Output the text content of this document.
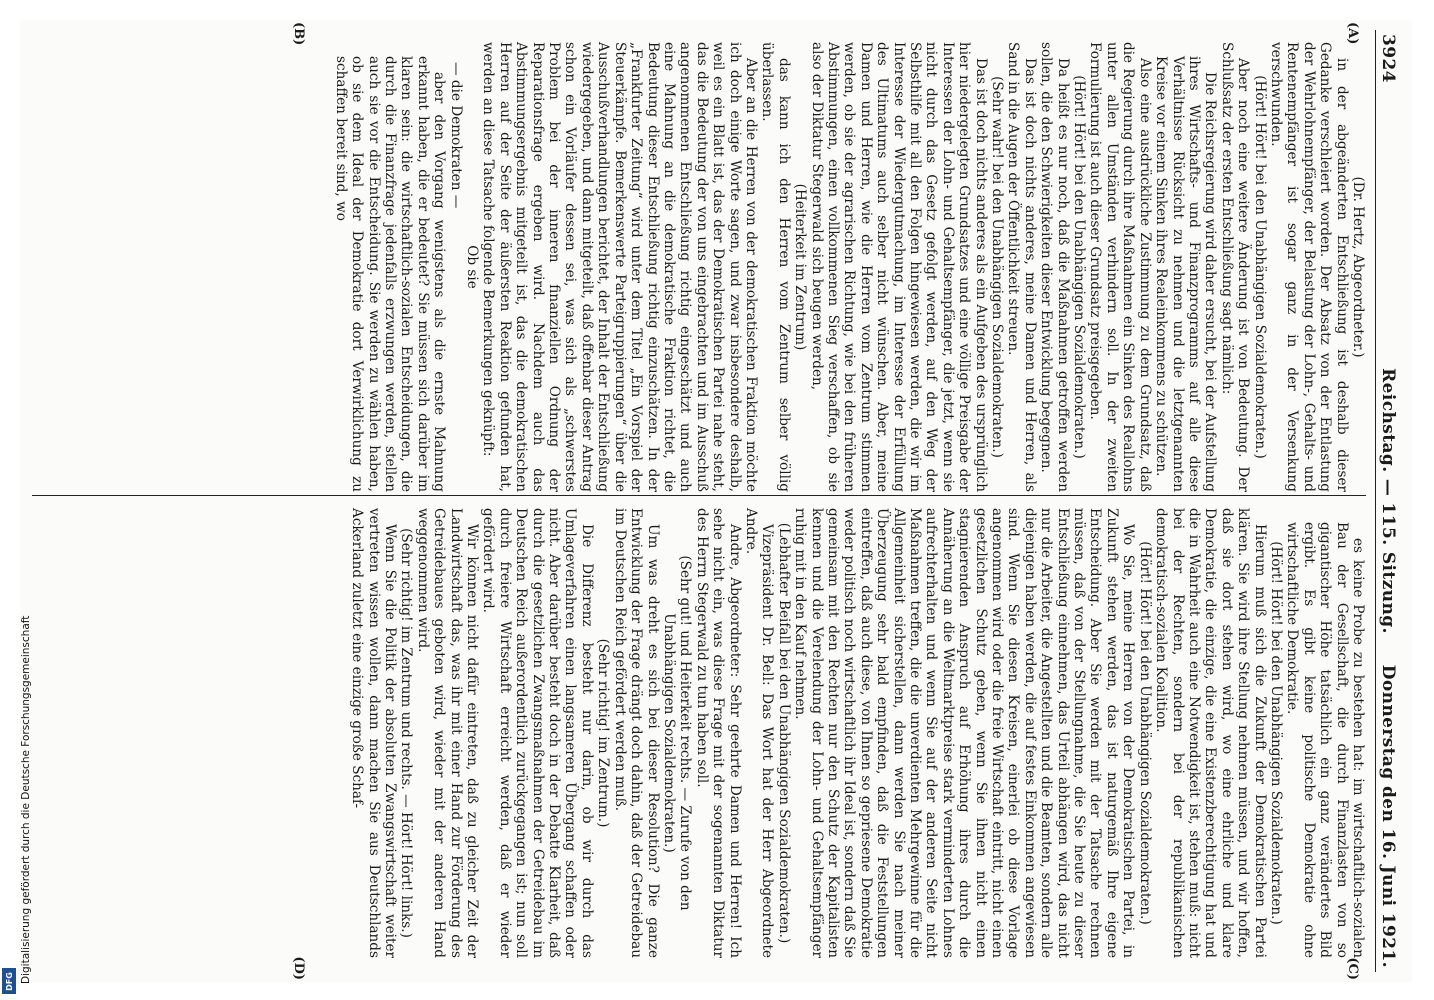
3924
Reichstag. — 115. Sitzung.
Donnerstag den 16. Juni 1921.
(A)
(B)
(C)
(D)

(Dr. Hertz, Abgeordneter.)

in der abgeänderten Entschließung ist deshalb dieser Gedanke verschleiert worden. Der Absatz von der Entlastung der Wehrlohnempfänger, der Belastung der Lohn-, Gehalts- und Rentenempfänger ist sogar ganz in der Versenkung verschwunden.

(Hört! Hört! bei den Unabhängigen Sozialdemokraten.)

Aber noch eine weitere Änderung ist von Bedeutung. Der Schlußsatz der ersten Entschließung sagt nämlich:

Die Reichsregierung wird daher ersucht, bei der Aufstellung ihres Wirtschafts- und Finanzprogramms auf alle diese Verhältnisse Rücksicht zu nehmen und die letztgenannten Kreise vor einem Sinken ihres Realeinkommens zu schützen.

Also eine ausdrückliche Zustimmung zu dem Grundsatz, daß die Regierung durch ihre Maßnahmen ein Sinken des Reallohns unter allen Umständen verhindern soll. In der zweiten Formulierung ist auch dieser Grundsatz preisgegeben.

(Hört! Hört! bei den Unabhängigen Sozialdemokraten.)

Da heißt es nur noch, daß die Maßnahmen getroffen werden sollen, die den Schwierigkeiten dieser Entwicklung begegnen.

Das ist doch nichts anderes, meine Damen und Herren, als Sand in die Augen der Öffentlichkeit streuen.

(Sehr wahr! bei den Unabhängigen Sozialdemokraten.)

Das ist doch nichts anderes als ein Aufgeben des ursprünglich hier niedergelegten Grundsatzes und eine völlige Preisgabe der Interessen der Lohn- und Gehaltsempfänger, die jetzt, wenn sie nicht durch das Gesetz gefolgt werden, auf den Weg der Selbsthilfe mit all den Folgen hingewiesen werden, die wir im Interesse der Wiedergutmachung, im Interesse der Erfüllung des Ultimatums auch selber nicht wünschen. Aber, meine Damen und Herren, wie die Herren vom Zentrum stimmen werden, ob sie der agrarischen Richtung, wie bei den früheren Abstimmungen, einen vollkommenen Sieg verschaffen, ob sie also der Diktatur Stegerwald sich beugen werden,

(Heiterkeit im Zentrum)

das kann ich den Herren vom Zentrum selber völlig überlassen.

Aber an die Herren von der demokratischen Fraktion möchte ich doch einige Worte sagen, und zwar insbesondere deshalb, weil es ein Blatt ist, das der Demokratischen Partei nahe steht, das die Bedeutung der von uns eingebrachten und im Ausschuß angenommenen Entschließung richtig eingeschätzt und auch eine Mahnung an die demokratische Fraktion richtet, die Bedeutung dieser Entschließung richtig einzuschätzen. In der „Frankfurter Zeitung“ wird unter dem Titel „Ein Vorspiel der Steuerkämpfe. Bemerkenswerte Parteigruppierungen“ über die Ausschußverhandlungen berichtet, der Inhalt der Entschließung wiedergegeben, und dann mitgeteilt, daß offenbar dieser Antrag schon ein Vorläufer dessen sei, was sich als „schwerstes Problem bei der inneren finanziellen Ordnung der Reparationsfrage ergeben wird. Nachdem auch das Abstimmungsergebnis mitgeteilt ist, das die demokratischen Herren auf der Seite der äußersten Reaktion gefunden hat, werden an diese Tatsache folgende Bemerkungen geknüpft:

Ob sie

— die Demokraten —

aber den Vorgang wenigstens als die ernste Mahnung erkannt haben, die er bedeutet? Sie müssen sich darüber im klaren sein: die wirtschaftlich-sozialen Entscheidungen, die durch die Finanzfrage jedenfalls erzwungen werden, stellen auch sie vor die Entscheidung. Sie werden zu wählen haben, ob sie dem Ideal der Demokratie dort Verwirklichung zu schaffen bereit sind, wo

es keine Probe zu bestehen hat: im wirtschaftlich-sozialen Bau der Gesellschaft, die durch Finanzlasten von so gigantischer Höhe tatsächlich ein ganz verändertes Bild ergibt. Es gibt keine politische Demokratie ohne wirtschaftliche Demokratie.

(Hört! Hört! bei den Unabhängigen Sozialdemokraten.)

Hierum muß sich die Zukunft der Demokratischen Partei klären. Sie wird ihre Stellung nehmen müssen, und wir hoffen, daß sie dort stehen wird, wo eine ehrliche und klare Demokratie, die einzige, die eine Existenzberechtigung hat und die in Wahrheit auch eine Notwendigkeit ist, stehen muß: nicht bei der Rechten, sondern bei der republikanischen demokratisch-sozialen Koalition.

(Hört! Hört! bei den Unabhängigen Sozialdemokraten.)

Wo Sie, meine Herren von der Demokratischen Partei, in Zukunft stehen werden, das ist naturgemäß Ihre eigene Entscheidung. Aber Sie werden mit der Tatsache rechnen müssen, daß von der Stellungnahme, die Sie heute zu dieser Entschließung einnehmen, das Urteil abhängen wird, das nicht nur die Arbeiter, die Angestellten und die Beamten, sondern alle diejenigen haben werden, die auf festes Einkommen angewiesen sind. Wenn Sie diesen Kreisen, einerlei ob diese Vorlage angenommen wird oder die freie Wirtschaft eintritt, nicht einen gesetzlichen Schutz geben, wenn Sie ihnen nicht einen stagnierenden Anspruch auf Erhöhung ihres durch die Annäherung an die Weltmarktpreise stark verminderten Lohnes aufrechterhalten und wenn Sie auf der anderen Seite nicht Maßnahmen treffen, die die unverdienten Mehrgewinne für die Allgemeinheit sicherstellen, dann werden Sie nach meiner Überzeugung sehr bald empfinden, daß die Feststellungen eintreffen, daß auch diese, von Ihnen so gepriesene Demokratie weder politisch noch wirtschaftlich ihr Ideal ist, sondern daß Sie gemeinsam mit den Rechten nur den Schutz der Kapitalisten kennen und die Verelendung der Lohn- und Gehaltsempfänger ruhig mit in den Kauf nehmen.

(Lebhafter Beifall bei den Unabhängigen Sozialdemokraten.)

Vizepräsident Dr. Bell: Das Wort hat der Herr Abgeordnete Andre.

Andre, Abgeordneter: Sehr geehrte Damen und Herren! Ich sehe nicht ein, was diese Frage mit der sogenannten Diktatur des Herrn Stegerwald zu tun haben soll.

(Sehr gut! und Heiterkeit rechts. — Zurufe von den Unabhängigen Sozialdemokraten.)

Um was dreht es sich bei dieser Resolution? Die ganze Entwicklung der Frage drängt doch dahin, daß der Getreidebau im Deutschen Reich gefördert werden muß.

(Sehr richtig! im Zentrum.)

Die Differenz besteht nur darin, ob wir durch das Umlageverfahren einen langsameren Übergang schaffen oder nicht. Aber darüber besteht doch in der Debatte Klarheit, daß durch die gesetzlichen Zwangsmaßnahmen der Getreidebau im Deutschen Reich außerordentlich zurückgegangen ist; nun soll durch freiere Wirtschaft erreicht werden, daß er wieder gefördert wird.

Wir können nicht dafür eintreten, daß zu gleicher Zeit der Landwirtschaft das, was ihr mit einer Hand zur Förderung des Getreidebaues geboten wird, wieder mit der anderen Hand weggenommen wird.

(Sehr richtig! im Zentrum und rechts. — Hört! Hört! links.)

Wenn Sie die Politik der absoluten Zwangswirtschaft weiter vertreten wissen wollen, dann machen Sie aus Deutschlands Ackerland zuletzt eine einzige große Schaf-

Digitalisierung gefördert durch die Deutsche Forschungsgemeinschaft
DFG
